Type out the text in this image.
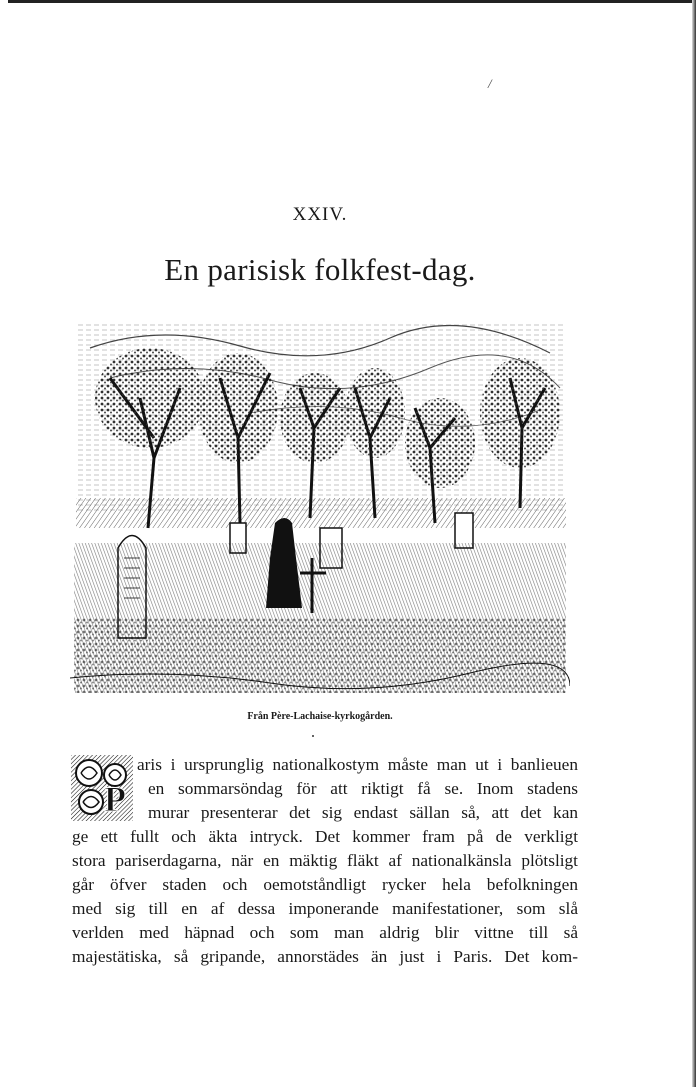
/
XXIV.
En parisisk folkfest-dag.
Från Père-Lachaise-kyrkogården.
P
aris i ursprunglig nationalkostym måste man ut i banlieuen
en sommarsöndag för att riktigt få se. Inom stadens
murar presenterar det sig endast sällan så, att det kan
ge ett fullt och äkta intryck. Det kommer fram på de verkligt
stora pariserdagarna, när en mäktig fläkt af nationalkänsla plötsligt
går öfver staden och oemotståndligt rycker hela befolkningen
med sig till en af dessa imponerande manifestationer, som slå
verlden med häpnad och som man aldrig blir vittne till så
majestätiska, så gripande, annorstädes än just i Paris. Det kom-
